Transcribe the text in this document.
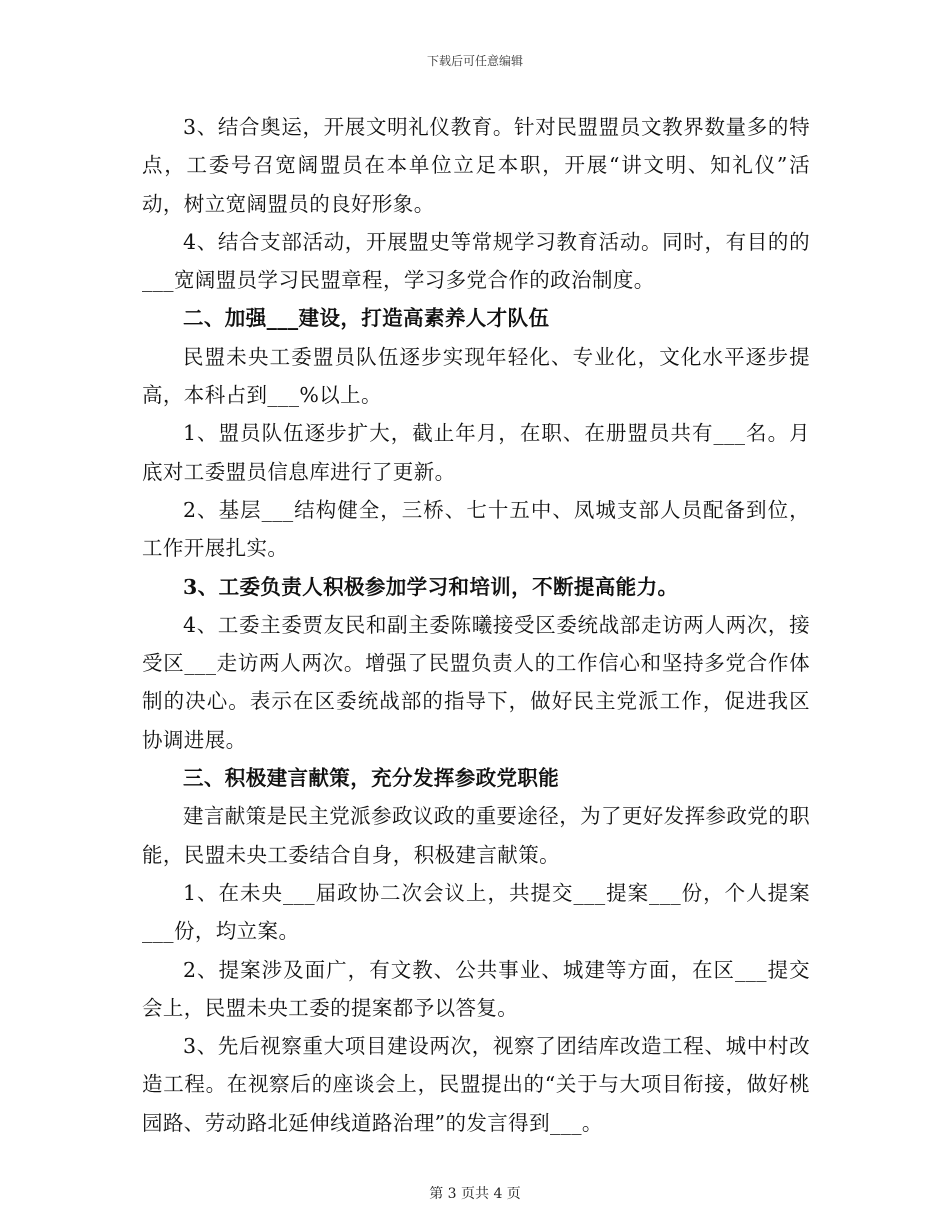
下载后可任意编辑

3、结合奥运，开展文明礼仪教育。针对民盟盟员文教界数量多的特点，工委号召宽阔盟员在本单位立足本职，开展“讲文明、知礼仪”活动，树立宽阔盟员的良好形象。

4、结合支部活动，开展盟史等常规学习教育活动。同时，有目的的___宽阔盟员学习民盟章程，学习多党合作的政治制度。

二、加强___建设，打造高素养人才队伍

民盟未央工委盟员队伍逐步实现年轻化、专业化，文化水平逐步提高，本科占到___%以上。

1、盟员队伍逐步扩大，截止年月，在职、在册盟员共有___名。月底对工委盟员信息库进行了更新。

2、基层___结构健全，三桥、七十五中、凤城支部人员配备到位，工作开展扎实。

3、工委负责人积极参加学习和培训，不断提高能力。

4、工委主委贾友民和副主委陈曦接受区委统战部走访两人两次，接受区___走访两人两次。增强了民盟负责人的工作信心和坚持多党合作体制的决心。表示在区委统战部的指导下，做好民主党派工作，促进我区协调进展。

三、积极建言献策，充分发挥参政党职能

建言献策是民主党派参政议政的重要途径，为了更好发挥参政党的职能，民盟未央工委结合自身，积极建言献策。

1、在未央___届政协二次会议上，共提交___提案___份，个人提案___份，均立案。

2、提案涉及面广，有文教、公共事业、城建等方面，在区___提交会上，民盟未央工委的提案都予以答复。

3、先后视察重大项目建设两次，视察了团结库改造工程、城中村改造工程。在视察后的座谈会上，民盟提出的“关于与大项目衔接，做好桃园路、劳动路北延伸线道路治理”的发言得到___。

第 3 页共 4 页
